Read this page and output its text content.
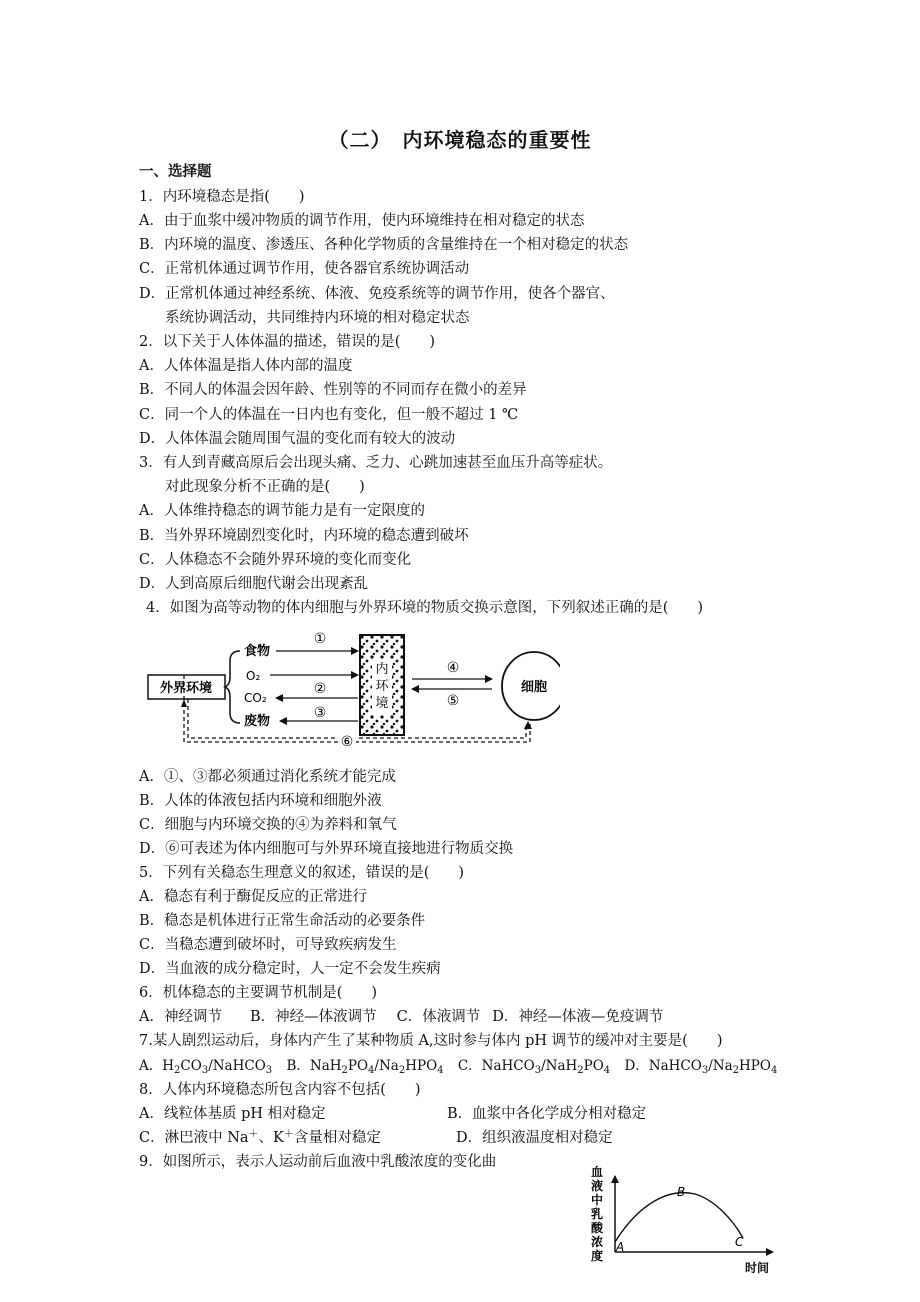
（二）　内环境稳态的重要性
一、选择题
1．内环境稳态是指(　　)
A．由于血浆中缓冲物质的调节作用，使内环境维持在相对稳定的状态
B．内环境的温度、渗透压、各种化学物质的含量维持在一个相对稳定的状态
C．正常机体通过调节作用，使各器官系统协调活动
D．正常机体通过神经系统、体液、免疫系统等的调节作用，使各个器官、
系统协调活动，共同维持内环境的相对稳定状态
2．以下关于人体体温的描述，错误的是(　　)
A．人体体温是指人体内部的温度
B．不同人的体温会因年龄、性别等的不同而存在微小的差异
C．同一个人的体温在一日内也有变化，但一般不超过 1 ℃
D．人体体温会随周围气温的变化而有较大的波动
3．有人到青藏高原后会出现头痛、乏力、心跳加速甚至血压升高等症状。
对此现象分析不正确的是(　　)
A．人体维持稳态的调节能力是有一定限度的
B．当外界环境剧烈变化时，内环境的稳态遭到破坏
C．人体稳态不会随外界环境的变化而变化
D．人到高原后细胞代谢会出现紊乱
4．如图为高等动物的体内细胞与外界环境的物质交换示意图，下列叙述正确的是(　　)
外界环境
食物
O₂
CO₂
废物
①
②
③
内
环
境
④
⑤
细胞
⑥
A．①、③都必须通过消化系统才能完成
B．人体的体液包括内环境和细胞外液
C．细胞与内环境交换的④为养料和氧气
D．⑥可表述为体内细胞可与外界环境直接地进行物质交换
5．下列有关稳态生理意义的叙述，错误的是(　　)
A．稳态有利于酶促反应的正常进行
B．稳态是机体进行正常生命活动的必要条件
C．当稳态遭到破坏时，可导致疾病发生
D．当血液的成分稳定时，人一定不会发生疾病
6．机体稳态的主要调节机制是(　　)
A．神经调节 B．神经—体液调节 C．体液调节 D．神经—体液—免疫调节
7.某人剧烈运动后，身体内产生了某种物质 A,这时参与体内 pH 调节的缓冲对主要是(　　)
A．$H_2CO_3/NaHCO_3$ B．$NaH_2PO_4/Na_2HPO_4$ C．$NaHCO_3/NaH_2PO_4$ D．$NaHCO_3/Na_2HPO_4$
8．人体内环境稳态所包含内容不包括(　　)
A．线粒体基质 pH 相对稳定	B．血浆中各化学成分相对稳定
C．淋巴液中 Na＋、K＋含量相对稳定	D．组织液温度相对稳定
9．如图所示，表示人运动前后血液中乳酸浓度的变化曲
血
液
中
乳
酸
浓
度
A
B
C
时间
